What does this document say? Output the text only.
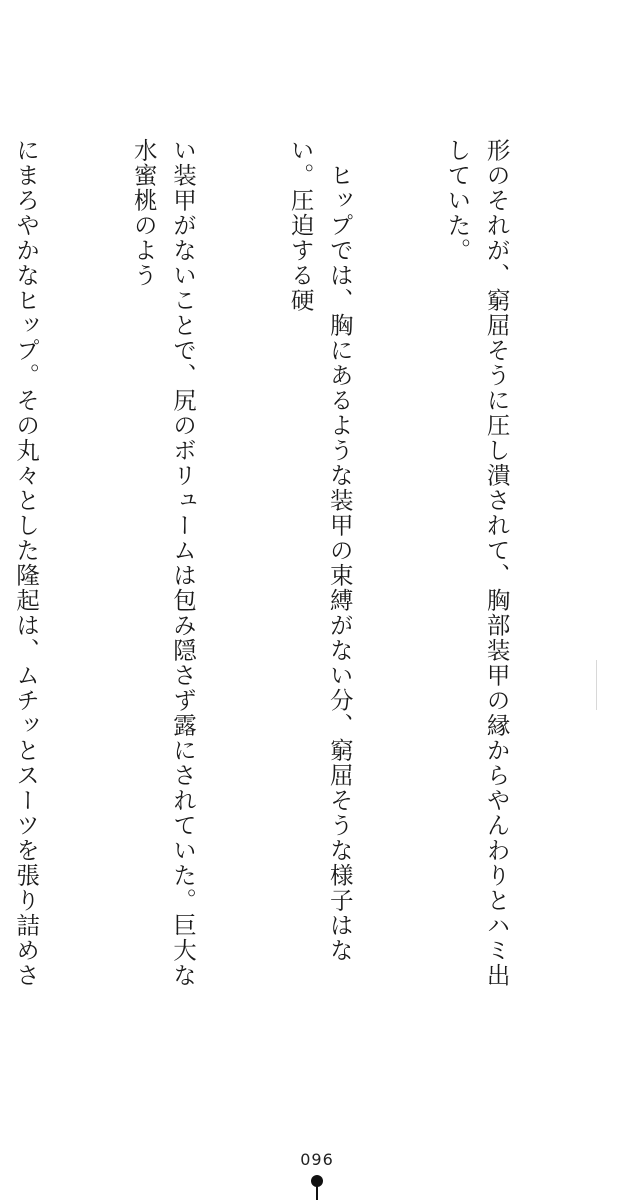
形のそれが、窮屈そうに圧し潰されて、胸部装甲の縁からやんわりとハミ出していた。

　ヒップでは、胸にあるような装甲の束縛がない分、窮屈そうな様子はない。圧迫する硬

い装甲がないことで、尻のボリュームは包み隠さず露にされていた。巨大な水蜜桃のよう

にまろやかなヒップ。その丸々とした隆起は、ムチッとスーツを張り詰めさ

096
